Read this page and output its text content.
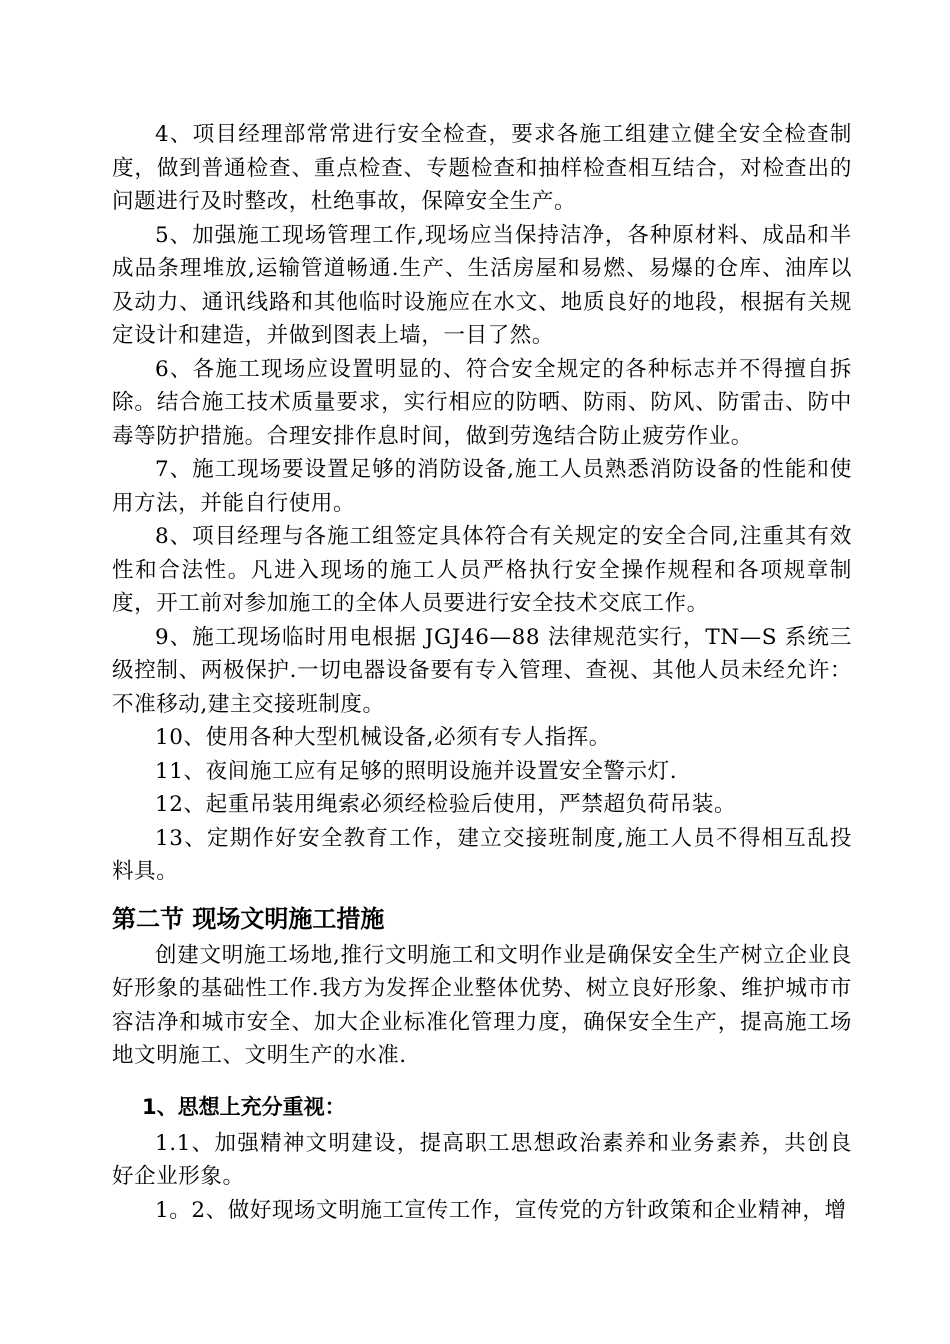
4、项目经理部常常进行安全检查，要求各施工组建立健全安全检查制度，做到普通检查、重点检查、专题检查和抽样检查相互结合，对检查出的问题进行及时整改，杜绝事故，保障安全生产。

5、加强施工现场管理工作,现场应当保持洁净，各种原材料、成品和半成品条理堆放,运输管道畅通.生产、生活房屋和易燃、易爆的仓库、油库以及动力、通讯线路和其他临时设施应在水文、地质良好的地段，根据有关规定设计和建造，并做到图表上墙，一目了然。

6、各施工现场应设置明显的、符合安全规定的各种标志并不得擅自拆除。结合施工技术质量要求，实行相应的防晒、防雨、防风、防雷击、防中毒等防护措施。合理安排作息时间，做到劳逸结合防止疲劳作业。

7、施工现场要设置足够的消防设备,施工人员熟悉消防设备的性能和使用方法，并能自行使用。

8、项目经理与各施工组签定具体符合有关规定的安全合同,注重其有效性和合法性。凡进入现场的施工人员严格执行安全操作规程和各项规章制度，开工前对参加施工的全体人员要进行安全技术交底工作。

9、施工现场临时用电根据 JGJ46—88 法律规范实行，TN—S 系统三级控制、两极保护.一切电器设备要有专入管理、查视、其他人员未经允许：不准移动,建主交接班制度。

10、使用各种大型机械设备,必须有专人指挥。

11、夜间施工应有足够的照明设施并设置安全警示灯.

12、起重吊装用绳索必须经检验后使用，严禁超负荷吊装。

13、定期作好安全教育工作，建立交接班制度,施工人员不得相互乱投料具。

第二节 现场文明施工措施

创建文明施工场地,推行文明施工和文明作业是确保安全生产树立企业良好形象的基础性工作.我方为发挥企业整体优势、树立良好形象、维护城市市容洁净和城市安全、加大企业标准化管理力度，确保安全生产，提高施工场地文明施工、文明生产的水准.

1、思想上充分重视：

1.1、加强精神文明建设，提高职工思想政治素养和业务素养，共创良好企业形象。

1。2、做好现场文明施工宣传工作，宣传党的方针政策和企业精神，增
